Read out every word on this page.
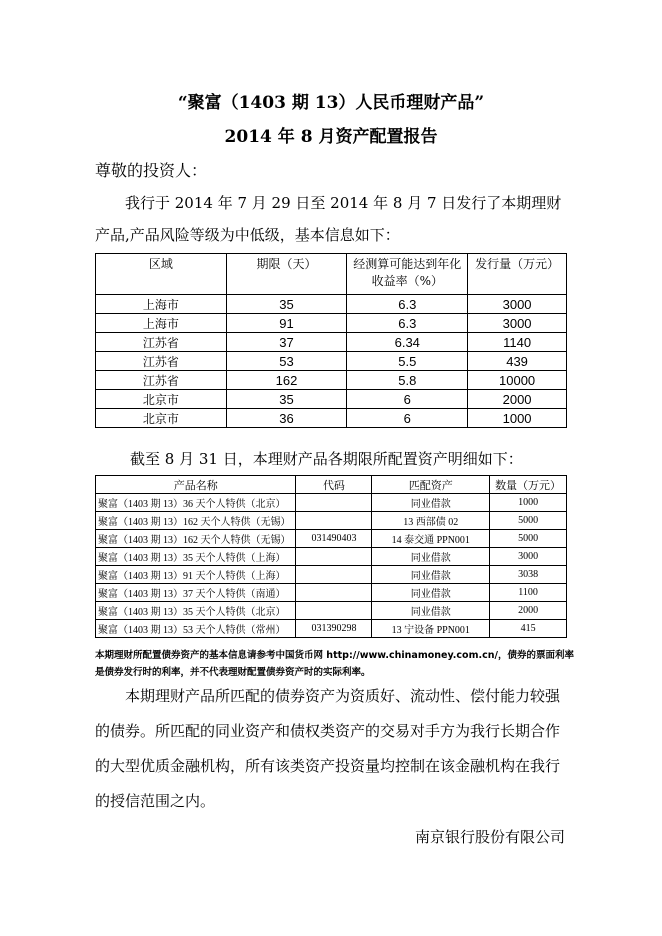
“聚富（1403 期 13）人民币理财产品”
2014 年 8 月资产配置报告
尊敬的投资人：
我行于 2014 年 7 月 29 日至 2014 年 8 月 7 日发行了本期理财产品,产品风险等级为中低级，基本信息如下：
区域	期限（天）	经测算可能达到年化收益率（%）	发行量（万元）
上海市	35	6.3	3000
上海市	91	6.3	3000
江苏省	37	6.34	1140
江苏省	53	5.5	439
江苏省	162	5.8	10000
北京市	35	6	2000
北京市	36	6	1000
截至 8 月 31 日，本理财产品各期限所配置资产明细如下：
产品名称	代码	匹配资产	数量（万元）
聚富（1403 期 13）36 天个人特供（北京）		同业借款	1000
聚富（1403 期 13）162 天个人特供（无锡）		13 西部债 02	5000
聚富（1403 期 13）162 天个人特供（无锡）	031490403	14 泰交通 PPN001	5000
聚富（1403 期 13）35 天个人特供（上海）		同业借款	3000
聚富（1403 期 13）91 天个人特供（上海）		同业借款	3038
聚富（1403 期 13）37 天个人特供（南通）		同业借款	1100
聚富（1403 期 13）35 天个人特供（北京）		同业借款	2000
聚富（1403 期 13）53 天个人特供（常州）	031390298	13 宁设备 PPN001	415
本期理财所配置债券资产的基本信息请参考中国货币网 http://www.chinamoney.com.cn/，债券的票面利率是债券发行时的利率，并不代表理财配置债券资产时的实际利率。
本期理财产品所匹配的债券资产为资质好、流动性、偿付能力较强的债券。所匹配的同业资产和债权类资产的交易对手方为我行长期合作的大型优质金融机构，所有该类资产投资量均控制在该金融机构在我行的授信范围之内。
南京银行股份有限公司
